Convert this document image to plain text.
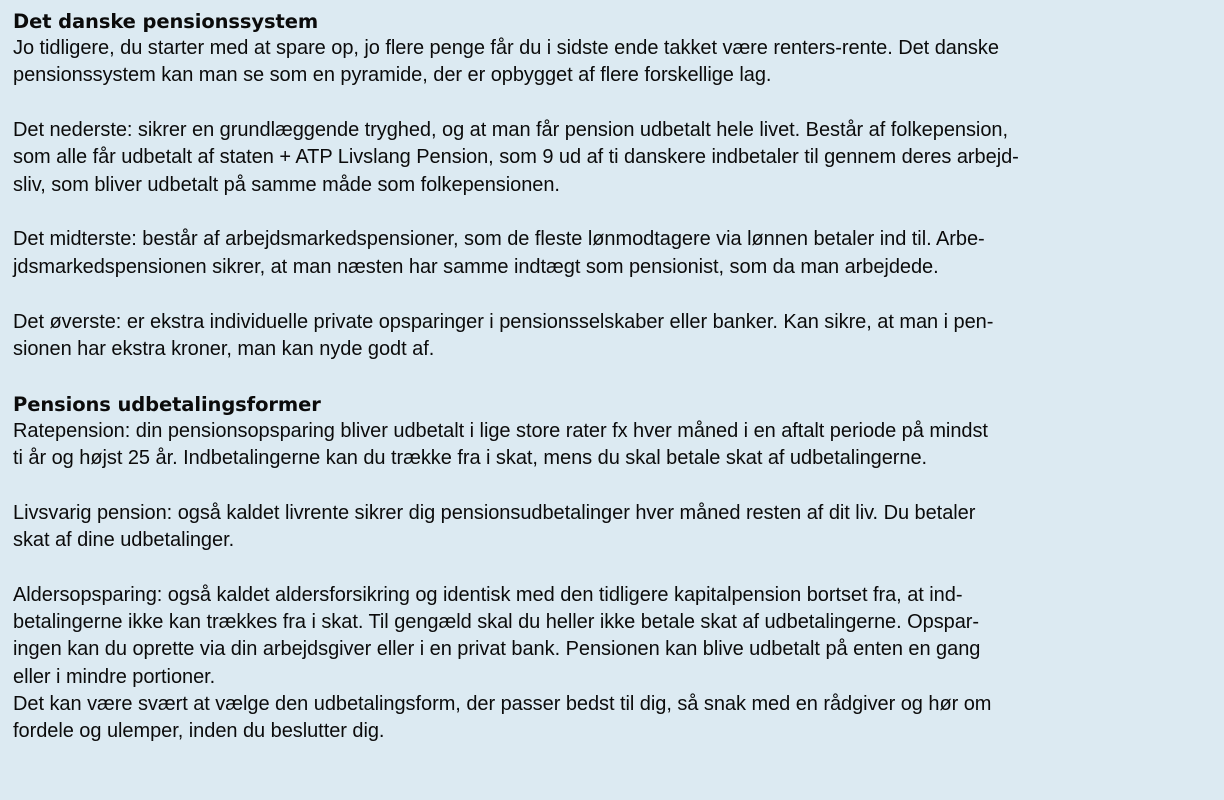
Det danske pensionssystem
Jo tidligere, du starter med at spare op, jo flere penge får du i sidste ende takket være renters-rente. Det danske
pensionssystem kan man se som en pyramide, der er opbygget af flere forskellige lag.
Det nederste: sikrer en grundlæggende tryghed, og at man får pension udbetalt hele livet. Består af folkepension,
som alle får udbetalt af staten + ATP Livslang Pension, som 9 ud af ti danskere indbetaler til gennem deres arbejd-
sliv, som bliver udbetalt på samme måde som folkepensionen.
Det midterste: består af arbejdsmarkedspensioner, som de fleste lønmodtagere via lønnen betaler ind til. Arbe-
jdsmarkedspensionen sikrer, at man næsten har samme indtægt som pensionist, som da man arbejdede.
Det øverste: er ekstra individuelle private opsparinger i pensionsselskaber eller banker. Kan sikre, at man i pen-
sionen har ekstra kroner, man kan nyde godt af.
Pensions udbetalingsformer
Ratepension: din pensionsopsparing bliver udbetalt i lige store rater fx hver måned i en aftalt periode på mindst
ti år og højst 25 år. Indbetalingerne kan du trække fra i skat, mens du skal betale skat af udbetalingerne.
Livsvarig pension: også kaldet livrente sikrer dig pensionsudbetalinger hver måned resten af dit liv. Du betaler
skat af dine udbetalinger.
Aldersopsparing: også kaldet aldersforsikring og identisk med den tidligere kapitalpension bortset fra, at ind-
betalingerne ikke kan trækkes fra i skat. Til gengæld skal du heller ikke betale skat af udbetalingerne. Opspar-
ingen kan du oprette via din arbejdsgiver eller i en privat bank. Pensionen kan blive udbetalt på enten en gang
eller i mindre portioner.
Det kan være svært at vælge den udbetalingsform, der passer bedst til dig, så snak med en rådgiver og hør om
fordele og ulemper, inden du beslutter dig.
